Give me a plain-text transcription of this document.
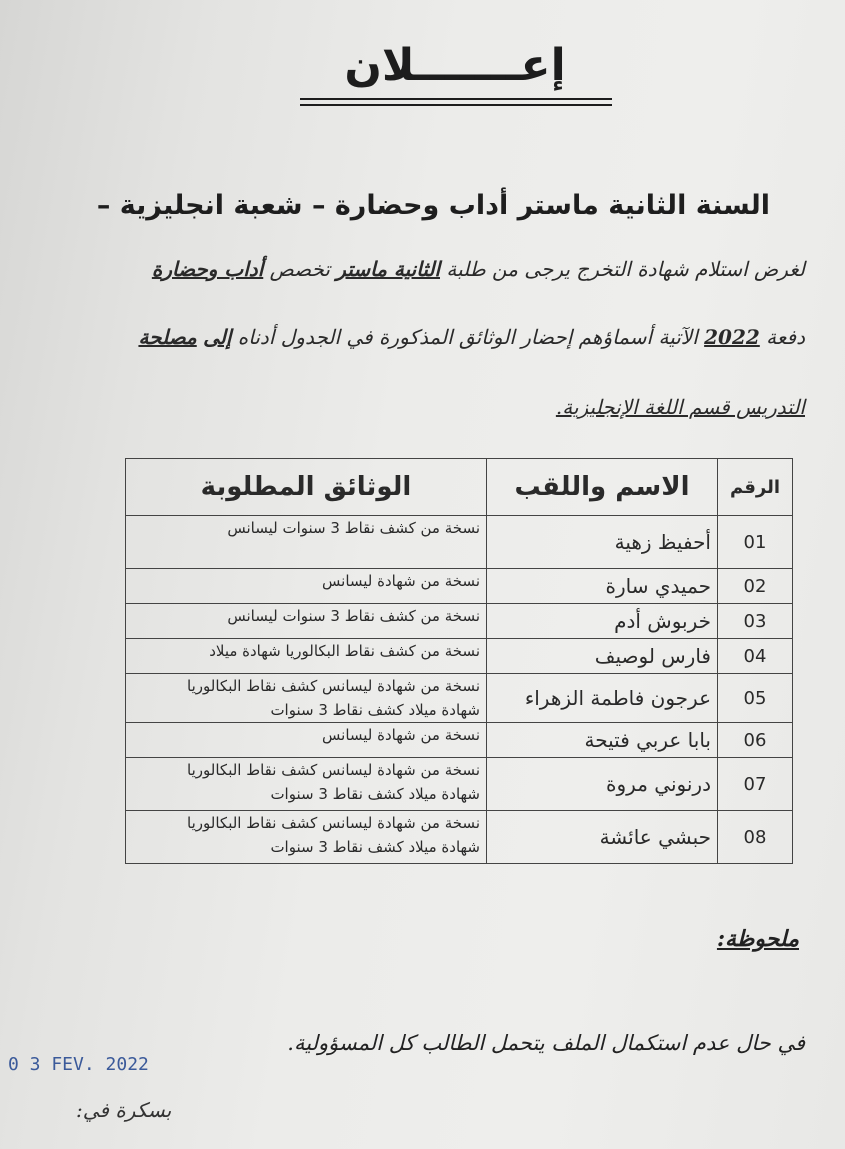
إعـــــــلان
السنة الثانية ماستر أداب وحضارة – شعبة انجليزية –
لغرض استلام شهادة التخرج يرجى من طلبة الثانية ماستر تخصص أداب وحضارة
دفعة 2022 الآتية أسماؤهم إحضار الوثائق المذكورة في الجدول أدناه إلى مصلحة
التدريس قسم اللغة الإنجليزية.
الرقم	الاسم واللقب	الوثائق المطلوبة
01	أحفيظ زهية	نسخة من كشف نقاط 3 سنوات ليسانس

02	حميدي سارة	نسخة من شهادة ليسانس

03	خربوش أدم	نسخة من كشف نقاط 3 سنوات ليسانس

04	فارس لوصيف	نسخة من كشف نقاط البكالوريا شهادة ميلاد

05	عرجون فاطمة الزهراء	نسخة من شهادة ليسانس كشف نقاط البكالوريا
شهادة ميلاد كشف نقاط 3 سنوات

06	بابا عربي فتيحة	نسخة من شهادة ليسانس

07	درنوني مروة	نسخة من شهادة ليسانس كشف نقاط البكالوريا
شهادة ميلاد كشف نقاط 3 سنوات

08	حبشي عائشة	نسخة من شهادة ليسانس كشف نقاط البكالوريا
شهادة ميلاد كشف نقاط 3 سنوات
ملحوظة:
في حال عدم استكمال الملف يتحمل الطالب كل المسؤولية.
0 3 FEV. 2022
بسكرة في:
